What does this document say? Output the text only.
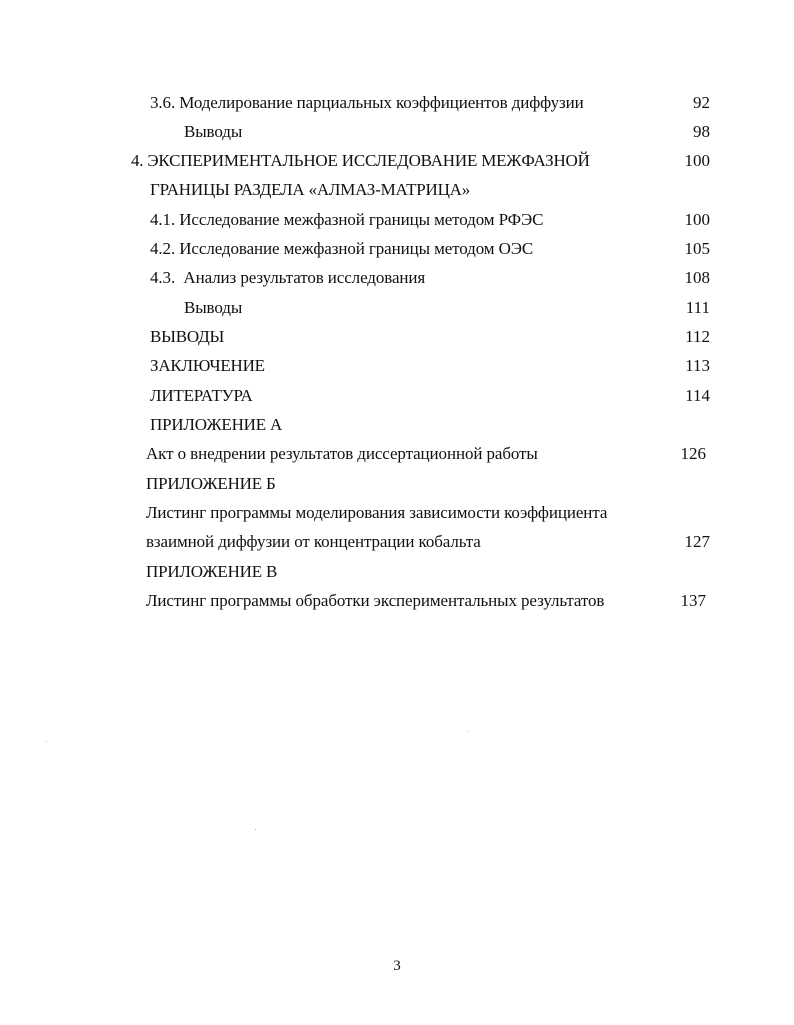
3.6. Моделирование парциальных коэффициентов диффузии	92
Выводы	98
4. ЭКСПЕРИМЕНТАЛЬНОЕ ИССЛЕДОВАНИЕ МЕЖФАЗНОЙ	100
ГРАНИЦЫ РАЗДЕЛА «АЛМАЗ-МАТРИЦА»
4.1. Исследование межфазной границы методом РФЭС	100
4.2. Исследование межфазной границы методом ОЭС	105
4.3.  Анализ результатов исследования	108
Выводы	111
ВЫВОДЫ	112
ЗАКЛЮЧЕНИЕ	113
ЛИТЕРАТУРА	114
ПРИЛОЖЕНИЕ А
Акт о внедрении результатов диссертационной работы	126
ПРИЛОЖЕНИЕ Б
Листинг программы моделирования зависимости коэффициента
взаимной диффузии от концентрации кобальта	127
ПРИЛОЖЕНИЕ В
Листинг программы обработки экспериментальных результатов	137
3
